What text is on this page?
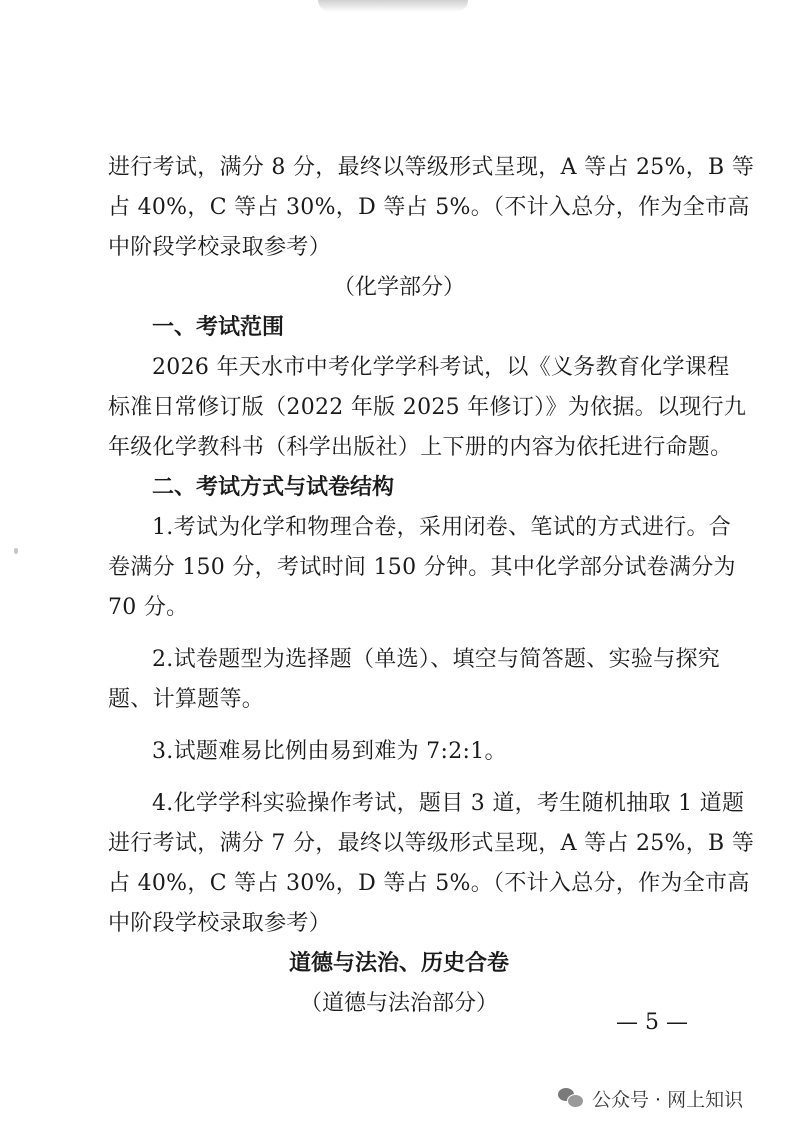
进行考试，满分 8 分，最终以等级形式呈现，A 等占 25%，B 等
占 40%，C 等占 30%，D 等占 5%。（不计入总分，作为全市高
中阶段学校录取参考）
（化学部分）
一、考试范围
2026 年天水市中考化学学科考试，以《义务教育化学课程
标准日常修订版（2022 年版 2025 年修订）》为依据。以现行九
年级化学教科书（科学出版社）上下册的内容为依托进行命题。
二、考试方式与试卷结构
1.考试为化学和物理合卷，采用闭卷、笔试的方式进行。合
卷满分 150 分，考试时间 150 分钟。其中化学部分试卷满分为
70 分。
2.试卷题型为选择题（单选）、填空与简答题、实验与探究
题、计算题等。
3.试题难易比例由易到难为 7:2:1。
4.化学学科实验操作考试，题目 3 道，考生随机抽取 1 道题
进行考试，满分 7 分，最终以等级形式呈现，A 等占 25%，B 等
占 40%，C 等占 30%，D 等占 5%。（不计入总分，作为全市高
中阶段学校录取参考）
道德与法治、历史合卷
（道德与法治部分）
— 5 —
公众号 · 网上知识
